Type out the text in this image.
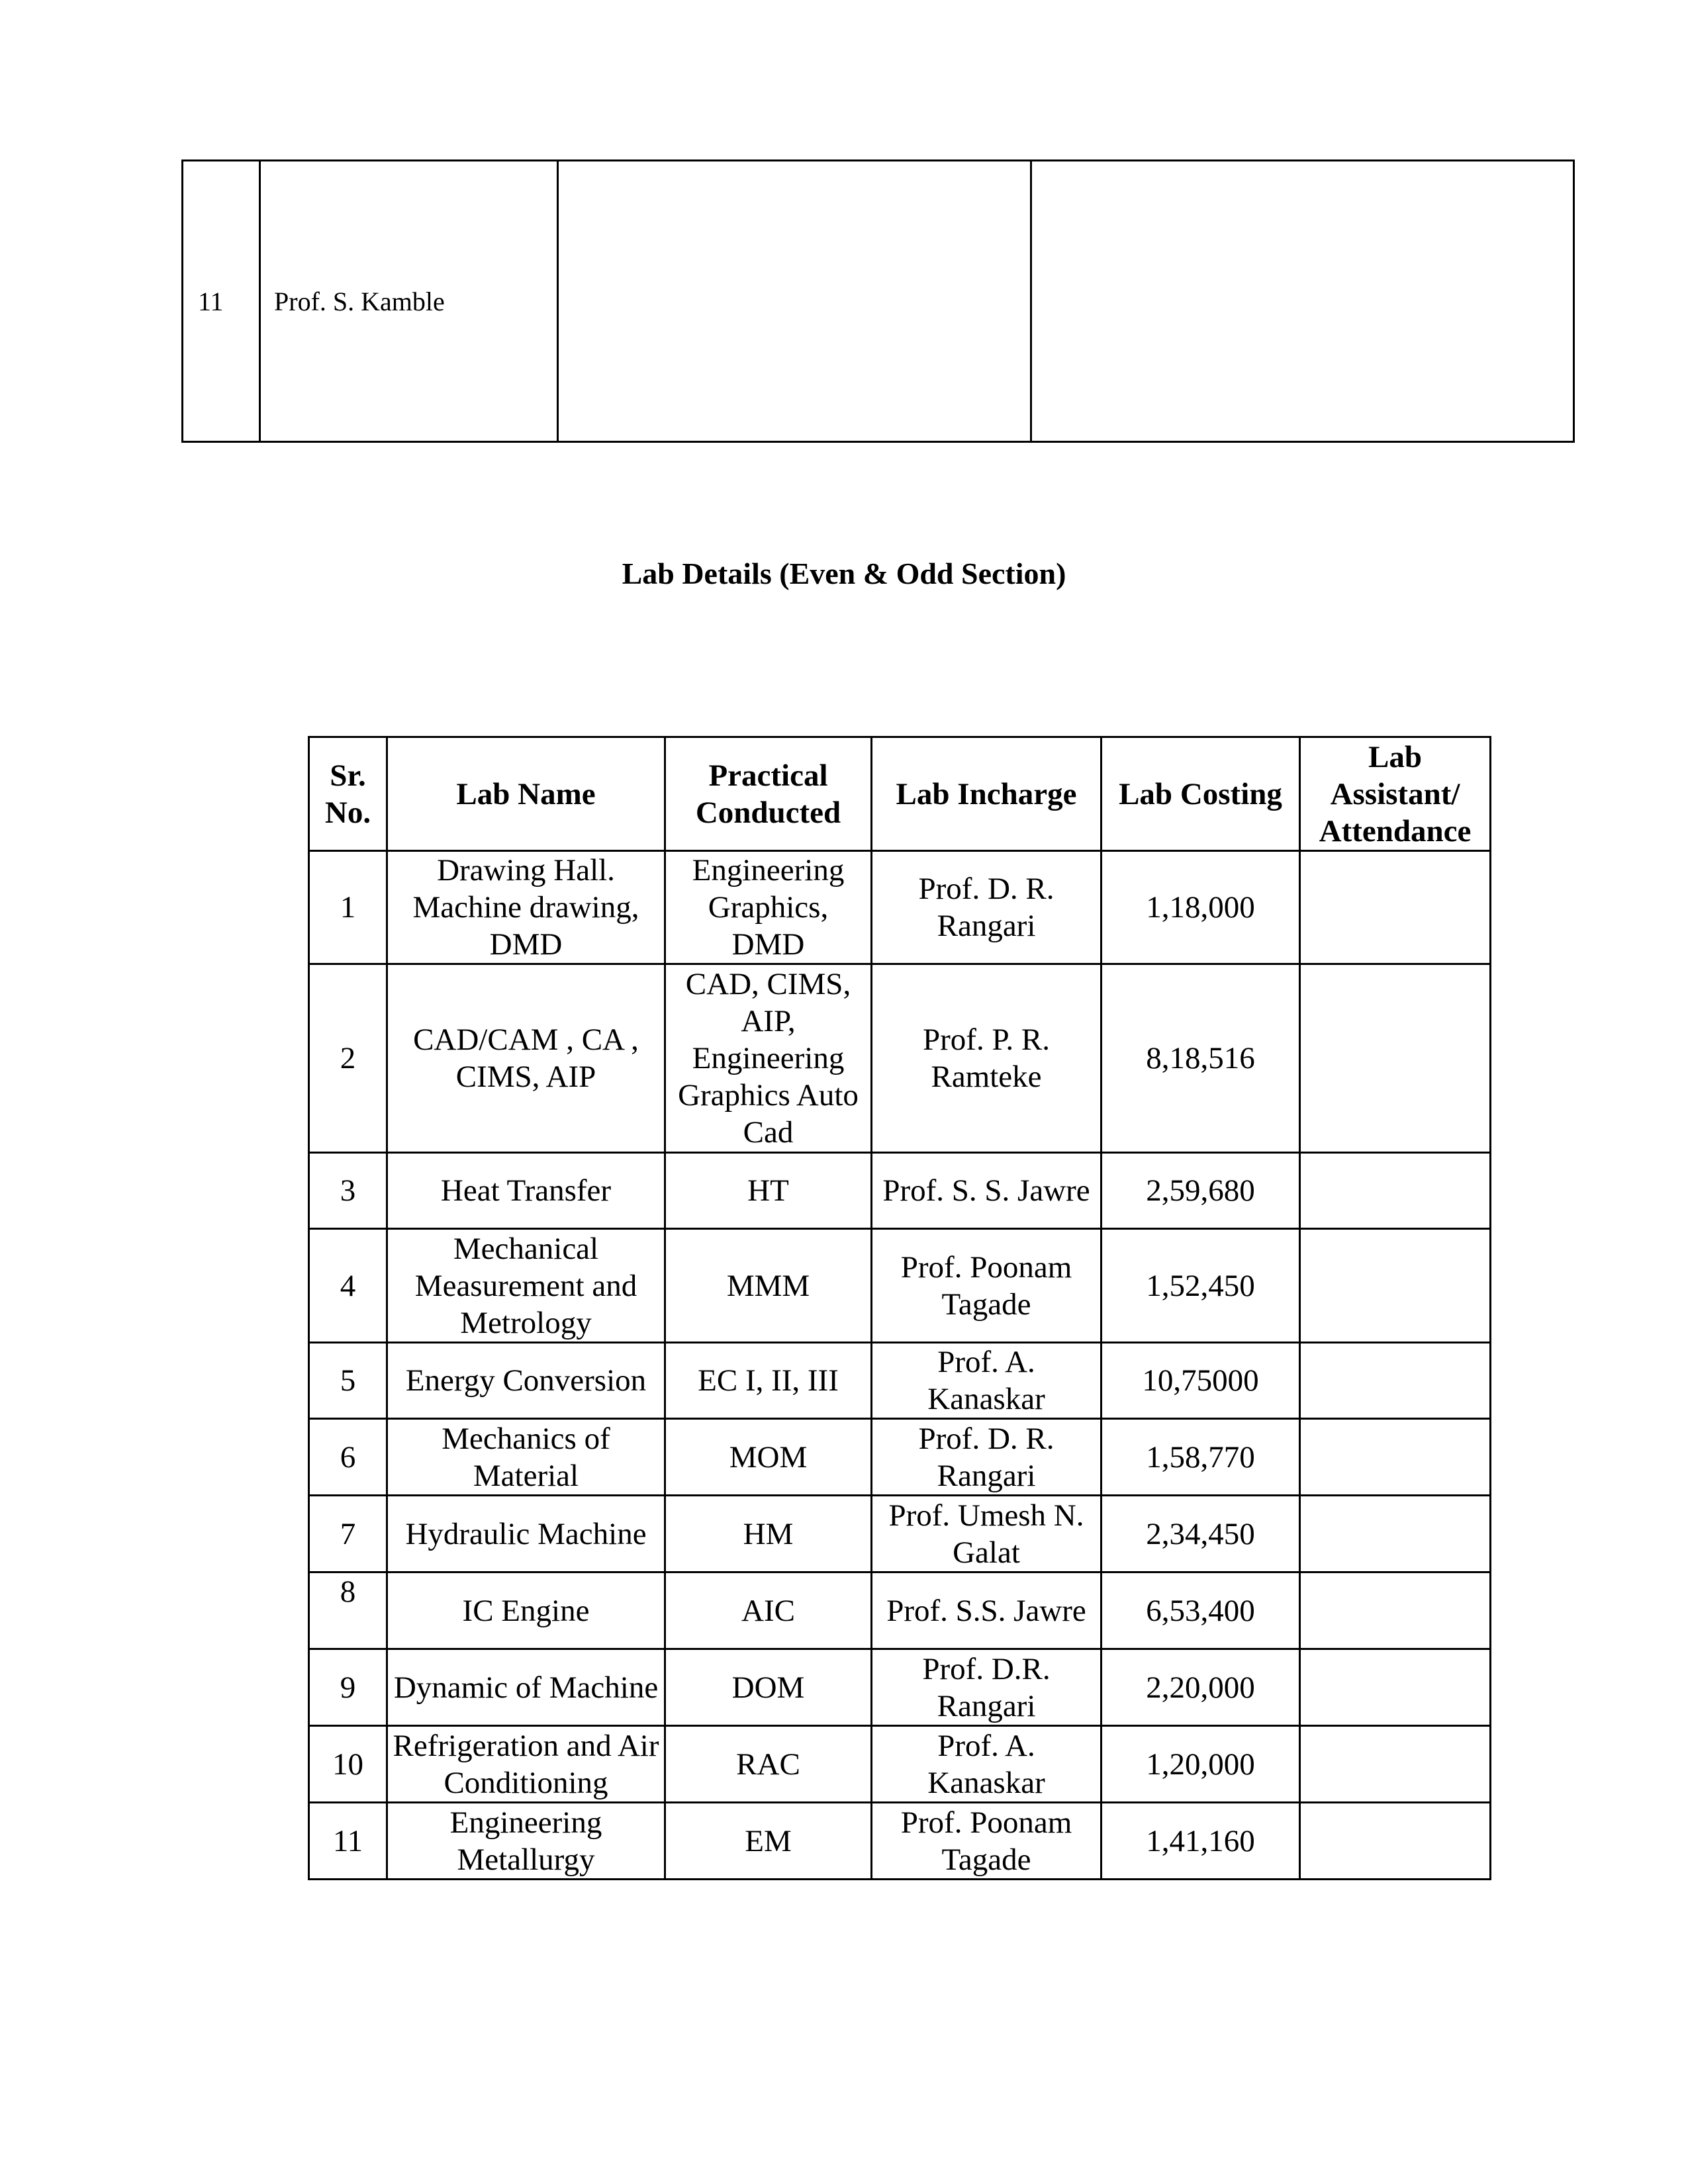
11	Prof. S. Kamble		
Lab Details (Even & Odd Section)
Sr. No.	Lab Name	Practical Conducted	Lab Incharge	Lab Costing	Lab Assistant/ Attendance
1	Drawing Hall. Machine drawing, DMD	Engineering Graphics, DMD	Prof. D. R. Rangari	1,18,000	
2	CAD/CAM , CA , CIMS, AIP	CAD, CIMS, AIP, Engineering Graphics Auto Cad	Prof. P. R. Ramteke	8,18,516	
3	Heat Transfer	HT	Prof. S. S. Jawre	2,59,680	
4	Mechanical Measurement and Metrology	MMM	Prof. Poonam Tagade	1,52,450	
5	Energy Conversion	EC I, II, III	Prof. A. Kanaskar	10,75000	
6	Mechanics of Material	MOM	Prof. D. R. Rangari	1,58,770	
7	Hydraulic Machine	HM	Prof. Umesh N. Galat	2,34,450	
8	IC Engine	AIC	Prof. S.S. Jawre	6,53,400	
9	Dynamic of Machine	DOM	Prof. D.R. Rangari	2,20,000	
10	Refrigeration and Air Conditioning	RAC	Prof. A. Kanaskar	1,20,000	
11	Engineering Metallurgy	EM	Prof. Poonam Tagade	1,41,160	
